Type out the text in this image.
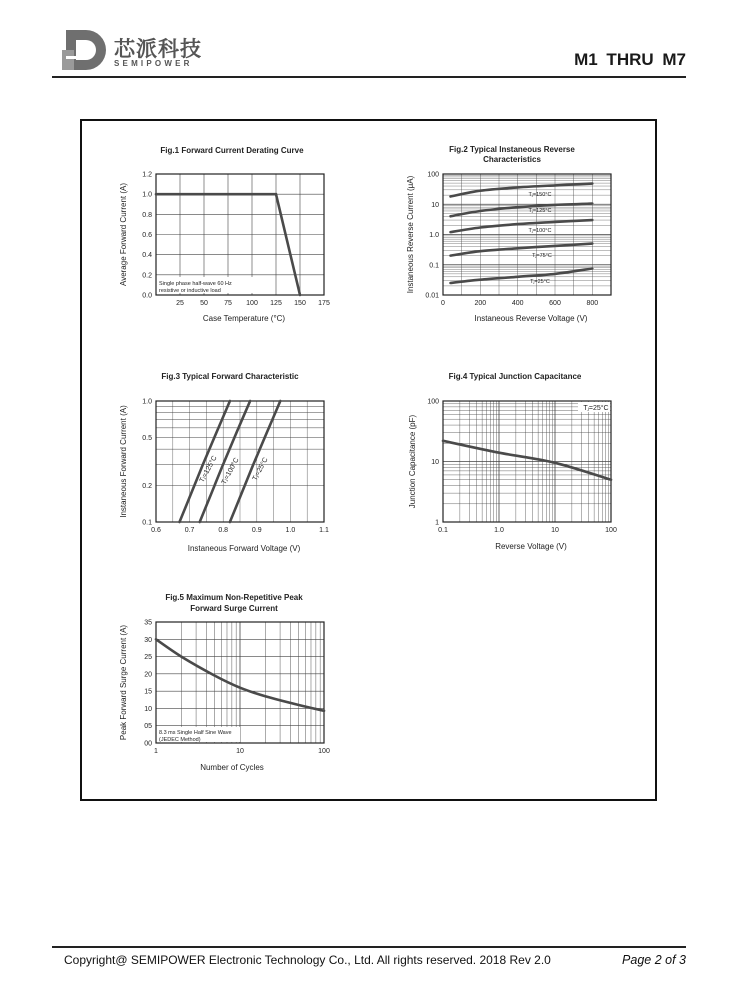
芯派科技
SEMIPOWER	M1 THRU M7
Fig.1 Forward Current Derating Curve
Single phase half-wave 60 Hz
resistive or inductive load
25 50 75 100 125 150 175
1.2
1.0
0.8
0.6
0.4
0.2
0.0
Case Temperature (°C)
Average Forward Current (A)
Fig.2 Typical Instaneous Reverse
Characteristics
Tⱼ=150°C
Tⱼ=125°C
Tⱼ=100°C
Tⱼ=75°C
Tⱼ=25°C
0	200	400	600	800
100
10
1.0
0.1
0.01
Instaneous Reverse Voltage (V)
Instaneous Reverse Current (μA)
Fig.3 Typical Forward Characteristic
Tⱼ=125°C Tⱼ=100°C Tⱼ=25°C
0.6	0.7	0.8	0.9	1.0	1.1
1.0
0.5
0.2
0.1
Instaneous Forward Voltage (V)
Instaneous Forward Current (A)
Fig.4 Typical Junction Capacitance
Tⱼ=25°C
0.1	1.0	10	100
100
10
1
Reverse Voltage (V)
Junction Capacitance (pF)
Fig.5 Maximum Non-Repetitive Peak
Forward Surge Current
8.3 ms Single Half Sine Wave
(JEDEC Method)
1	10	100
35
30
25
20
15
10
05
00
Number of Cycles
Peak Forward Surge Current (A)
Copyright@ SEMIPOWER Electronic Technology Co., Ltd. All rights reserved. 2018 Rev 2.0	Page 2 of 3
